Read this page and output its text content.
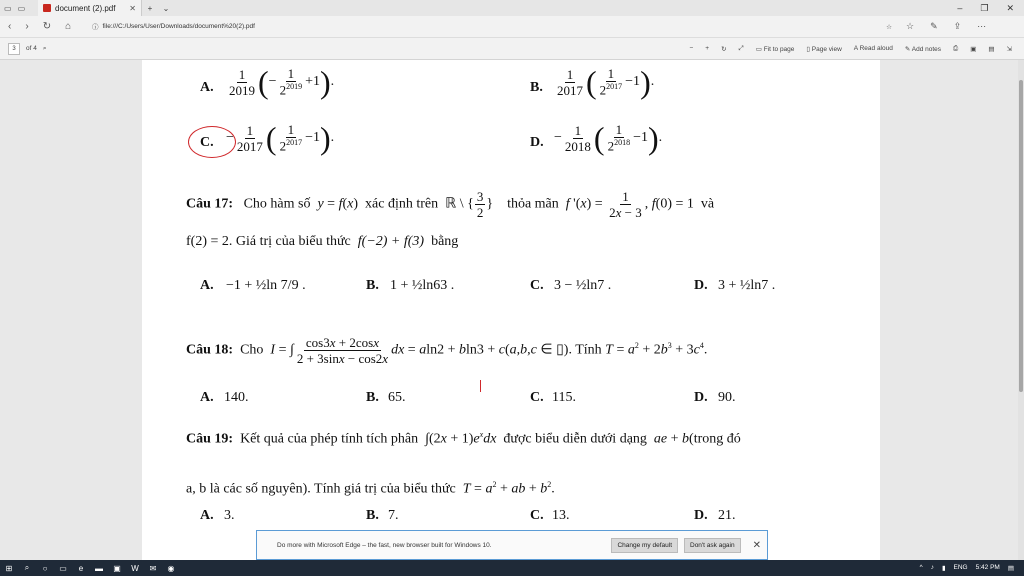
▭ ▭	document (2).pdf ✕	+	⌄	– ❐ ✕
‹ › ↻ ⌂	ⓘ file:///C:/Users/User/Downloads/document%20(2).pdf	☆ ☆ ✎ ⇪ ⋯
3	of 4 ⌕	− + ↻ ⤢ ▭ Fit to page ▯ Page view A Read aloud ✎ Add notes ⎙ ▣ ▤ ⇲
A. $\frac{1}{2019}$ (− $\frac{1}{2^{2019}} +1$).	B. $\frac{1}{2017}$ ( $\frac{1}{2^{2017}} -1$).
C. − $\frac{1}{2017}$ ( $\frac{1}{2^{2017}} -1$).	D. − $\frac{1}{2018}$ ( $\frac{1}{2^{2018}} -1$).
Câu 17: Cho hàm số y = f(x)  xác định trên  ℝ \ { $\frac{3}{2}$ }    thỏa mãn f '$(x) = \frac{1}{2x - 3}$ , f(0) = 1  và
f(2) = 2. Giá trị của biểu thức f(−2) + f(3) bằng
A. −1 + ½ln 7/9 .	B. 1 + ½ln63 .	C. 3 − ½ln7 .	D. 3 + ½ln7 .
Câu 18: Cho I = ∫ $\frac{\cos 3x + 2\cos x}{2 + 3\sin x - \cos 2x}$ dx = aln2 + bln3 + c(a,b,c ∈ ▯). Tính $T = a^2 + 2b^3 + 3c^4$.
A. 140.	B. 65.	C. 115.	D. 90.
Câu 19: Kết quả của phép tính tích phân  $\int(2x + 1)e^xdx$ được biểu diễn dưới dạng ae + b(trong đó
a, b là các số nguyên). Tính giá trị của biểu thức $T = a^2$ + ab + $b^2$.
A. 3.	B. 7.	C. 13.	D. 21.
Do more with Microsoft Edge – the fast, new browser built for Windows 10.	Change my default	Don't ask again	✕
⊞	⌕	○	▭	e	▬	▣	W	✉	◉	^ ♪ ▮ ENG 5:42 PM ▤
